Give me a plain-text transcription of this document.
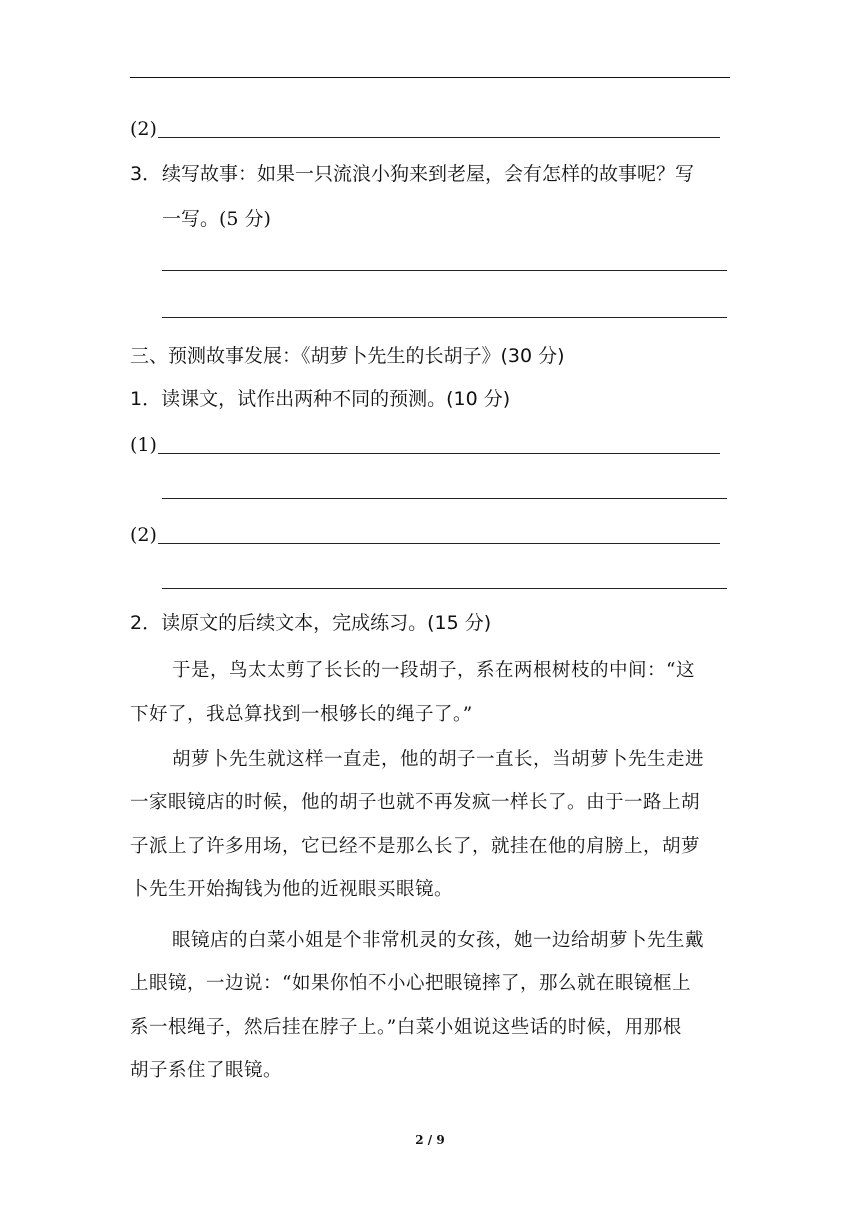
(2)
3． 续写故事：如果一只流浪小狗来到老屋，会有怎样的故事呢？写
一写。(5 分)
三、预测故事发展：《胡萝卜先生的长胡子》(30 分)
1．读课文，试作出两种不同的预测。(10 分)
(1)
(2)
2．读原文的后续文本，完成练习。(15 分)
于是，鸟太太剪了长长的一段胡子，系在两根树枝的中间：“这
下好了，我总算找到一根够长的绳子了。”
胡萝卜先生就这样一直走，他的胡子一直长，当胡萝卜先生走进
一家眼镜店的时候，他的胡子也就不再发疯一样长了。由于一路上胡
子派上了许多用场，它已经不是那么长了，就挂在他的肩膀上，胡萝
卜先生开始掏钱为他的近视眼买眼镜。
眼镜店的白菜小姐是个非常机灵的女孩，她一边给胡萝卜先生戴
上眼镜，一边说：“如果你怕不小心把眼镜摔了，那么就在眼镜框上
系一根绳子，然后挂在脖子上。”白菜小姐说这些话的时候，用那根
胡子系住了眼镜。
2 / 9
